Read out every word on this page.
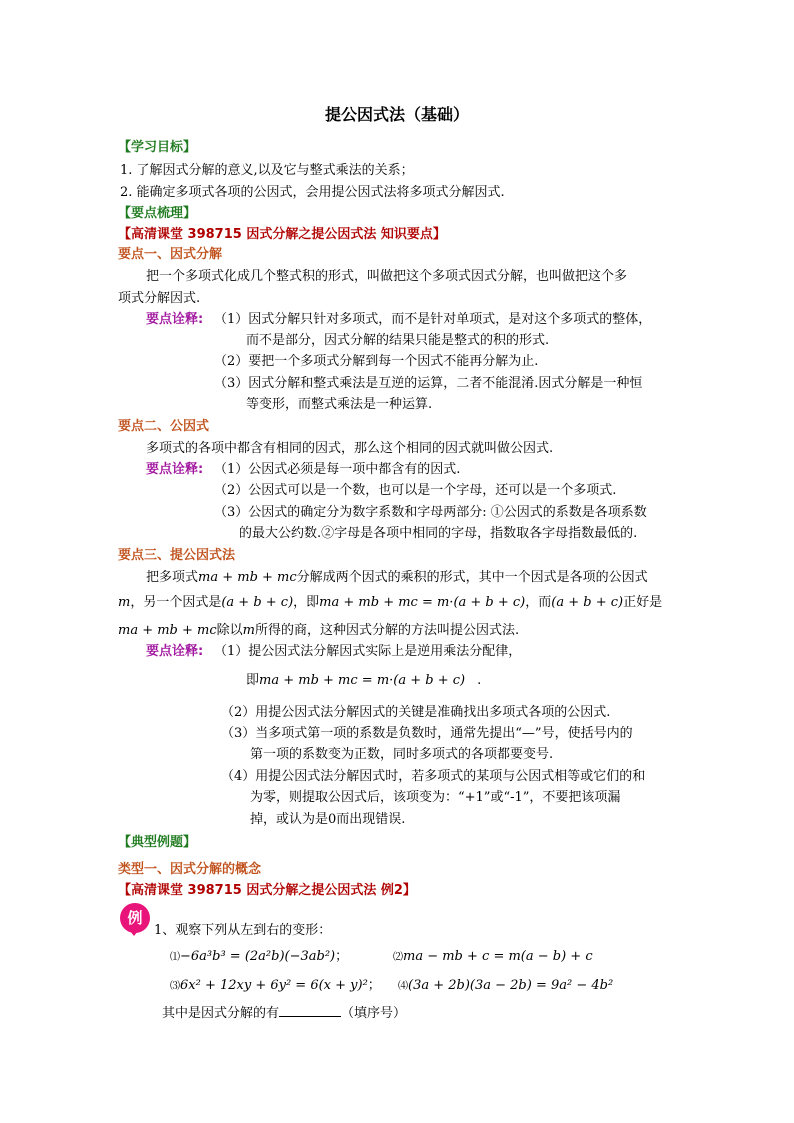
提公因式法（基础）
【学习目标】
1. 了解因式分解的意义,以及它与整式乘法的关系；
2. 能确定多项式各项的公因式，会用提公因式法将多项式分解因式.
【要点梳理】
【高清课堂 398715 因式分解之提公因式法 知识要点】
要点一、因式分解
把一个多项式化成几个整式积的形式，叫做把这个多项式因式分解，也叫做把这个多
项式分解因式.
要点诠释: （1）因式分解只针对多项式，而不是针对单项式，是对这个多项式的整体，
而不是部分，因式分解的结果只能是整式的积的形式.
（2）要把一个多项式分解到每一个因式不能再分解为止.
（3）因式分解和整式乘法是互逆的运算，二者不能混淆.因式分解是一种恒
等变形，而整式乘法是一种运算.
要点二、公因式
多项式的各项中都含有相同的因式，那么这个相同的因式就叫做公因式.
要点诠释: （1）公因式必须是每一项中都含有的因式.
（2）公因式可以是一个数，也可以是一个字母，还可以是一个多项式.
（3）公因式的确定分为数字系数和字母两部分: ①公因式的系数是各项系数
的最大公约数.②字母是各项中相同的字母，指数取各字母指数最低的.
要点三、提公因式法
把多项式ma + mb + mc分解成两个因式的乘积的形式，其中一个因式是各项的公因式
m，另一个因式是(a + b + c)，即ma + mb + mc = m·(a + b + c)，而(a + b + c)正好是
ma + mb + mc除以m所得的商，这种因式分解的方法叫提公因式法.
要点诠释: （1）提公因式法分解因式实际上是逆用乘法分配律，
即ma + mb + mc = m·(a + b + c) .
（2）用提公因式法分解因式的关键是准确找出多项式各项的公因式.
（3）当多项式第一项的系数是负数时，通常先提出“—”号，使括号内的
第一项的系数变为正数，同时多项式的各项都要变号.
（4）用提公因式法分解因式时，若多项式的某项与公因式相等或它们的和
为零，则提取公因式后，该项变为：“+1”或“-1”，不要把该项漏
掉，或认为是0而出现错误.
【典型例题】
类型一、因式分解的概念
【高清课堂 398715 因式分解之提公因式法 例2】
例
1、观察下列从左到右的变形：
⑴−6a³b³ = (2a²b)(−3ab²)；	⑵ma − mb + c = m(a − b) + c
⑶6x² + 12xy + 6y² = 6(x + y)²； ⑷(3a + 2b)(3a − 2b) = 9a² − 4b²
其中是因式分解的有	（填序号）
